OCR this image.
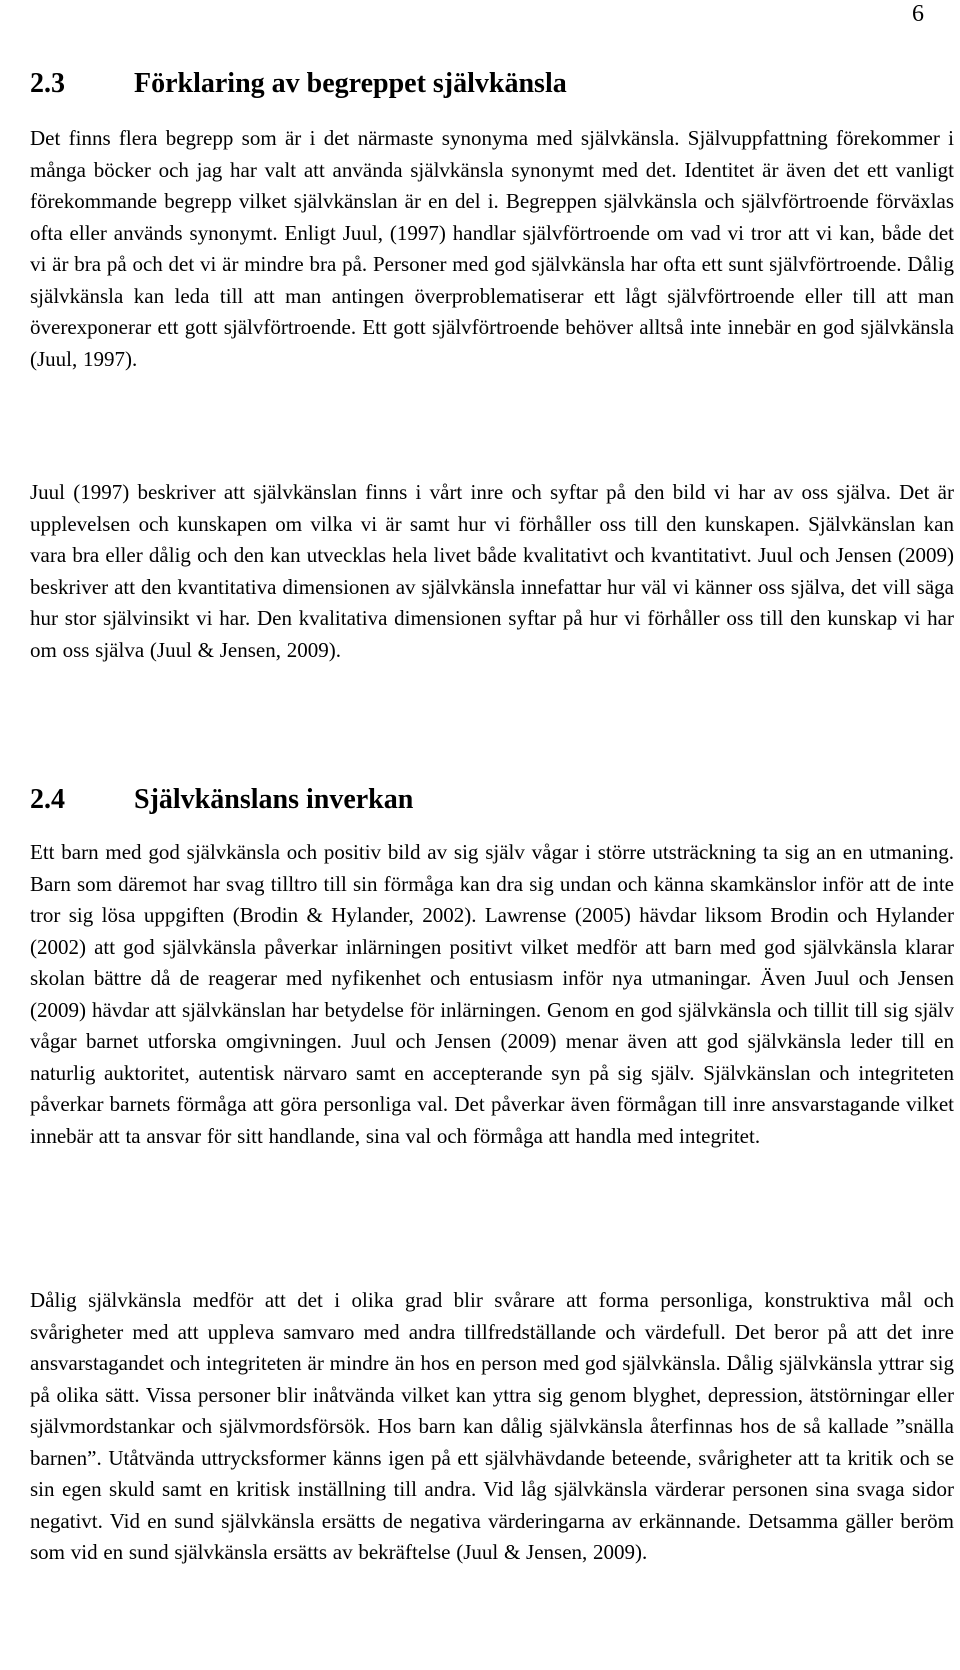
6
2.3 Förklaring av begreppet självkänsla

Det finns flera begrepp som är i det närmaste synonyma med självkänsla. Självuppfattning förekommer i många böcker och jag har valt att använda självkänsla synonymt med det. Identitet är även det ett vanligt förekommande begrepp vilket självkänslan är en del i. Begreppen självkänsla och självförtroende förväxlas ofta eller används synonymt. Enligt Juul, (1997) handlar självförtroende om vad vi tror att vi kan, både det vi är bra på och det vi är mindre bra på. Personer med god självkänsla har ofta ett sunt självförtroende. Dålig självkänsla kan leda till att man antingen överproblematiserar ett lågt självförtroende eller till att man överexponerar ett gott självförtroende. Ett gott självförtroende behöver alltså inte innebär en god självkänsla (Juul, 1997).

Juul (1997) beskriver att självkänslan finns i vårt inre och syftar på den bild vi har av oss själva. Det är upplevelsen och kunskapen om vilka vi är samt hur vi förhåller oss till den kunskapen. Självkänslan kan vara bra eller dålig och den kan utvecklas hela livet både kvalitativt och kvantitativt. Juul och Jensen (2009) beskriver att den kvantitativa dimensionen av självkänsla innefattar hur väl vi känner oss själva, det vill säga hur stor självinsikt vi har. Den kvalitativa dimensionen syftar på hur vi förhåller oss till den kunskap vi har om oss själva (Juul & Jensen, 2009).

2.4 Självkänslans inverkan

Ett barn med god självkänsla och positiv bild av sig själv vågar i större utsträckning ta sig an en utmaning. Barn som däremot har svag tilltro till sin förmåga kan dra sig undan och känna skamkänslor inför att de inte tror sig lösa uppgiften (Brodin & Hylander, 2002). Lawrense (2005) hävdar liksom Brodin och Hylander (2002) att god självkänsla påverkar inlärningen positivt vilket medför att barn med god självkänsla klarar skolan bättre då de reagerar med nyfikenhet och entusiasm inför nya utmaningar. Även Juul och Jensen (2009) hävdar att självkänslan har betydelse för inlärningen. Genom en god självkänsla och tillit till sig själv vågar barnet utforska omgivningen. Juul och Jensen (2009) menar även att god självkänsla leder till en naturlig auktoritet, autentisk närvaro samt en accepterande syn på sig själv. Självkänslan och integriteten påverkar barnets förmåga att göra personliga val. Det påverkar även förmågan till inre ansvarstagande vilket innebär att ta ansvar för sitt handlande, sina val och förmåga att handla med integritet.

Dålig självkänsla medför att det i olika grad blir svårare att forma personliga, konstruktiva mål och svårigheter med att uppleva samvaro med andra tillfredställande och värdefull. Det beror på att det inre ansvarstagandet och integriteten är mindre än hos en person med god självkänsla. Dålig självkänsla yttrar sig på olika sätt. Vissa personer blir inåtvända vilket kan yttra sig genom blyghet, depression, ätstörningar eller självmordstankar och självmordsförsök. Hos barn kan dålig självkänsla återfinnas hos de så kallade ”snälla barnen”. Utåtvända uttrycksformer känns igen på ett självhävdande beteende, svårigheter att ta kritik och se sin egen skuld samt en kritisk inställning till andra. Vid låg självkänsla värderar personen sina svaga sidor negativt. Vid en sund självkänsla ersätts de negativa värderingarna av erkännande. Detsamma gäller beröm som vid en sund självkänsla ersätts av bekräftelse (Juul & Jensen, 2009).
